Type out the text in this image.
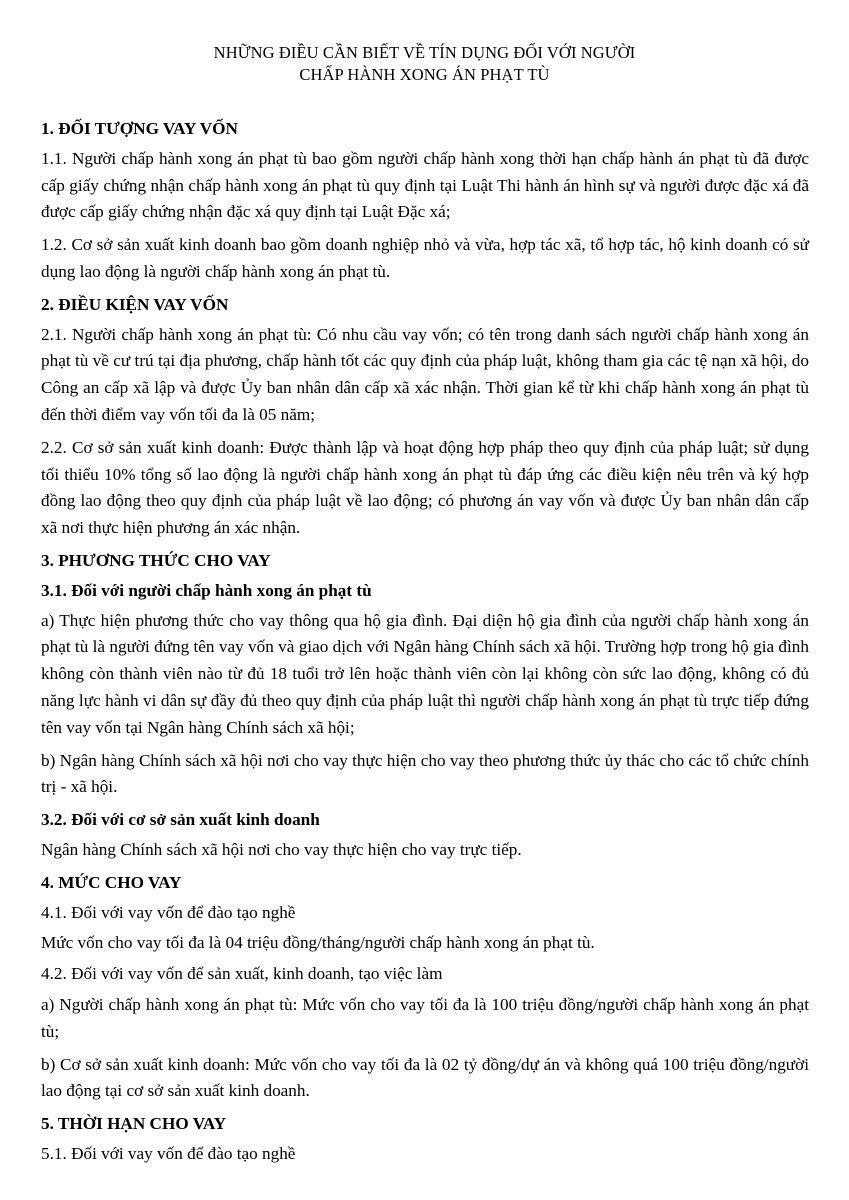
NHỮNG ĐIỀU CẦN BIẾT VỀ TÍN DỤNG ĐỐI VỚI NGƯỜI
CHẤP HÀNH XONG ÁN PHẠT TÙ

1. ĐỐI TƯỢNG VAY VỐN

1.1. Người chấp hành xong án phạt tù bao gồm người chấp hành xong thời hạn chấp hành án phạt tù đã được cấp giấy chứng nhận chấp hành xong án phạt tù quy định tại Luật Thi hành án hình sự và người được đặc xá đã được cấp giấy chứng nhận đặc xá quy định tại Luật Đặc xá;

1.2. Cơ sở sản xuất kinh doanh bao gồm doanh nghiệp nhỏ và vừa, hợp tác xã, tổ hợp tác, hộ kinh doanh có sử dụng lao động là người chấp hành xong án phạt tù.

2. ĐIỀU KIỆN VAY VỐN

2.1. Người chấp hành xong án phạt tù: Có nhu cầu vay vốn; có tên trong danh sách người chấp hành xong án phạt tù về cư trú tại địa phương, chấp hành tốt các quy định của pháp luật, không tham gia các tệ nạn xã hội, do Công an cấp xã lập và được Ủy ban nhân dân cấp xã xác nhận. Thời gian kể từ khi chấp hành xong án phạt tù đến thời điểm vay vốn tối đa là 05 năm;

2.2. Cơ sở sản xuất kinh doanh: Được thành lập và hoạt động hợp pháp theo quy định của pháp luật; sử dụng tối thiểu 10% tổng số lao động là người chấp hành xong án phạt tù đáp ứng các điều kiện nêu trên và ký hợp đồng lao động theo quy định của pháp luật về lao động; có phương án vay vốn và được Ủy ban nhân dân cấp xã nơi thực hiện phương án xác nhận.

3. PHƯƠNG THỨC CHO VAY

3.1. Đối với người chấp hành xong án phạt tù

a) Thực hiện phương thức cho vay thông qua hộ gia đình. Đại diện hộ gia đình của người chấp hành xong án phạt tù là người đứng tên vay vốn và giao dịch với Ngân hàng Chính sách xã hội. Trường hợp trong hộ gia đình không còn thành viên nào từ đủ 18 tuổi trở lên hoặc thành viên còn lại không còn sức lao động, không có đủ năng lực hành vi dân sự đầy đủ theo quy định của pháp luật thì người chấp hành xong án phạt tù trực tiếp đứng tên vay vốn tại Ngân hàng Chính sách xã hội;

b) Ngân hàng Chính sách xã hội nơi cho vay thực hiện cho vay theo phương thức ủy thác cho các tổ chức chính trị - xã hội.

3.2. Đối với cơ sở sản xuất kinh doanh

Ngân hàng Chính sách xã hội nơi cho vay thực hiện cho vay trực tiếp.

4. MỨC CHO VAY

4.1. Đối với vay vốn để đào tạo nghề

Mức vốn cho vay tối đa là 04 triệu đồng/tháng/người chấp hành xong án phạt tù.

4.2. Đối với vay vốn để sản xuất, kinh doanh, tạo việc làm

a) Người chấp hành xong án phạt tù: Mức vốn cho vay tối đa là 100 triệu đồng/người chấp hành xong án phạt tù;

b) Cơ sở sản xuất kinh doanh: Mức vốn cho vay tối đa là 02 tỷ đồng/dự án và không quá 100 triệu đồng/người lao động tại cơ sở sản xuất kinh doanh.

5. THỜI HẠN CHO VAY

5.1. Đối với vay vốn để đào tạo nghề
